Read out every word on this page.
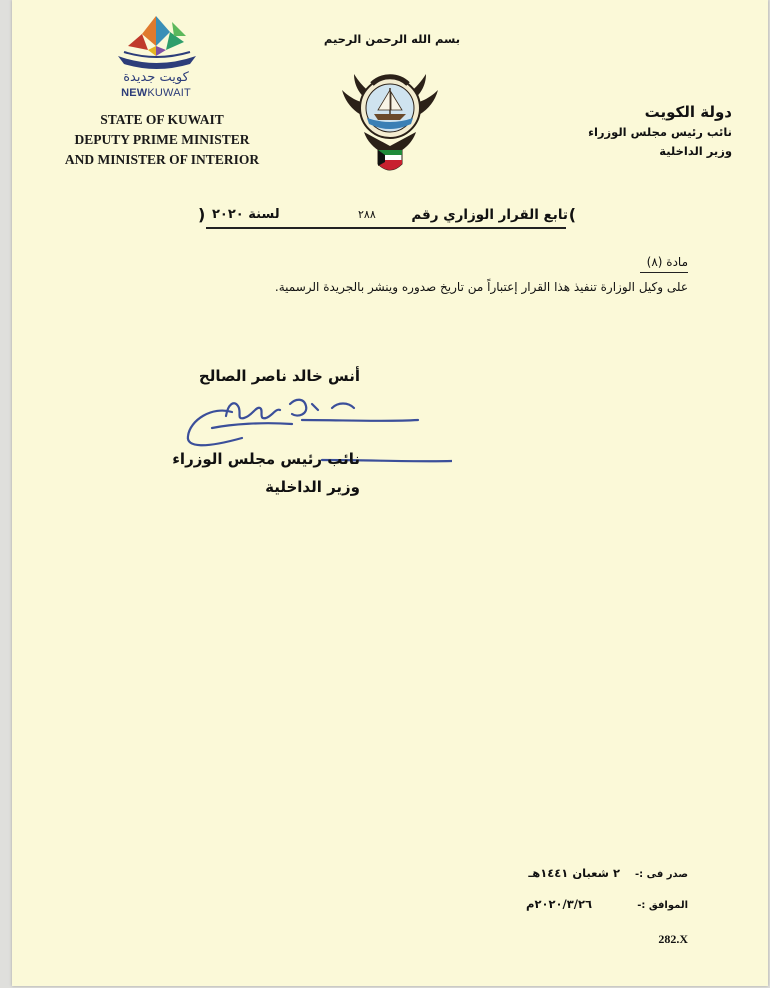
كويت جديدة
NEWKUWAIT
STATE OF KUWAIT
DEPUTY PRIME MINISTER
AND MINISTER OF INTERIOR
بسم الله الرحمن الرحيم
دولة الكويت
نائب رئيس مجلس الوزراء
وزير الداخلية
(
تابع القرار الوزاري رقم
٢٨٨
لسنة ٢٠٢٠
)
مادة (٨)
على وكيل الوزارة تنفيذ هذا القرار إعتباراً من تاريخ صدوره وينشر بالجريدة الرسمية.
أنس خالد ناصر الصالح
نائب رئيس مجلس الوزراء
وزير الداخلية
صدر فى :-
٢ شعبان ١٤٤١هـ
الموافق :-
٢٠٢٠/٣/٢٦م
282.X
